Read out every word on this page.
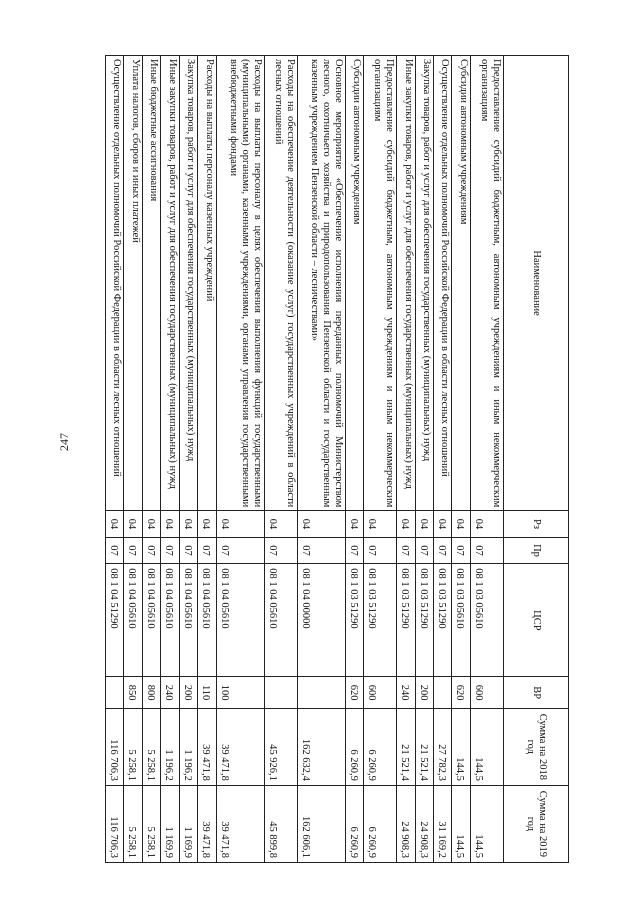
247
Наименование	Рз	Пр	ЦСР	ВР	Сумма на 2018 год	Сумма на 2019 год
Предоставление субсидий бюджетным, автономным учреждениям и иным некоммерческим организациям	04	07	08 1 03 05610	600	144,5	144,5
Субсидии автономным учреждениям	04	07	08 1 03 05610	620	144,5	144,5
Осуществление отдельных полномочий Российской Федерации в области лесных отношений	04	07	08 1 03 51290		27 782,3	31 169,2
Закупка товаров, работ и услуг для обеспечения государственных (муниципальных) нужд	04	07	08 1 03 51290	200	21 521,4	24 908,3
Иные закупки товаров, работ и услуг для обеспечения государственных (муниципальных) нужд	04	07	08 1 03 51290	240	21 521,4	24 908,3
Предоставление субсидий бюджетным, автономным учреждениям и иным некоммерческим организациям	04	07	08 1 03 51290	600	6 260,9	6 260,9
Субсидии автономным учреждениям	04	07	08 1 03 51290	620	6 260,9	6 260,9
Основное мероприятие «Обеспечение исполнения переданных полномочий Министерством лесного, охотничьего хозяйства и природопользования Пензенской области и государственным казенным учреждением Пензенской области – лесничествами»	04	07	08 1 04 00000		162 632,4	162 606,1
Расходы на обеспечение деятельности (оказание услуг) государственных учреждений в области лесных отношений	04	07	08 1 04 05610		45 926,1	45 899,8
Расходы на выплаты персоналу в целях обеспечения выполнения функций государственными (муниципальными) органами, казенными учреждениями, органами управления государственными внебюджетными фондами	04	07	08 1 04 05610	100	39 471,8	39 471,8
Расходы на выплаты персоналу казенных учреждений	04	07	08 1 04 05610	110	39 471,8	39 471,8
Закупка товаров, работ и услуг для обеспечения государственных (муниципальных) нужд	04	07	08 1 04 05610	200	1 196,2	1 169,9
Иные закупки товаров, работ и услуг для обеспечения государственных (муниципальных) нужд	04	07	08 1 04 05610	240	1 196,2	1 169,9
Иные бюджетные ассигнования	04	07	08 1 04 05610	800	5 258,1	5 258,1
Уплата налогов, сборов и иных платежей	04	07	08 1 04 05610	850	5 258,1	5 258,1
Осуществление отдельных полномочий Российской Федерации в области лесных отношений	04	07	08 1 04 51290		116 706,3	116 706,3
